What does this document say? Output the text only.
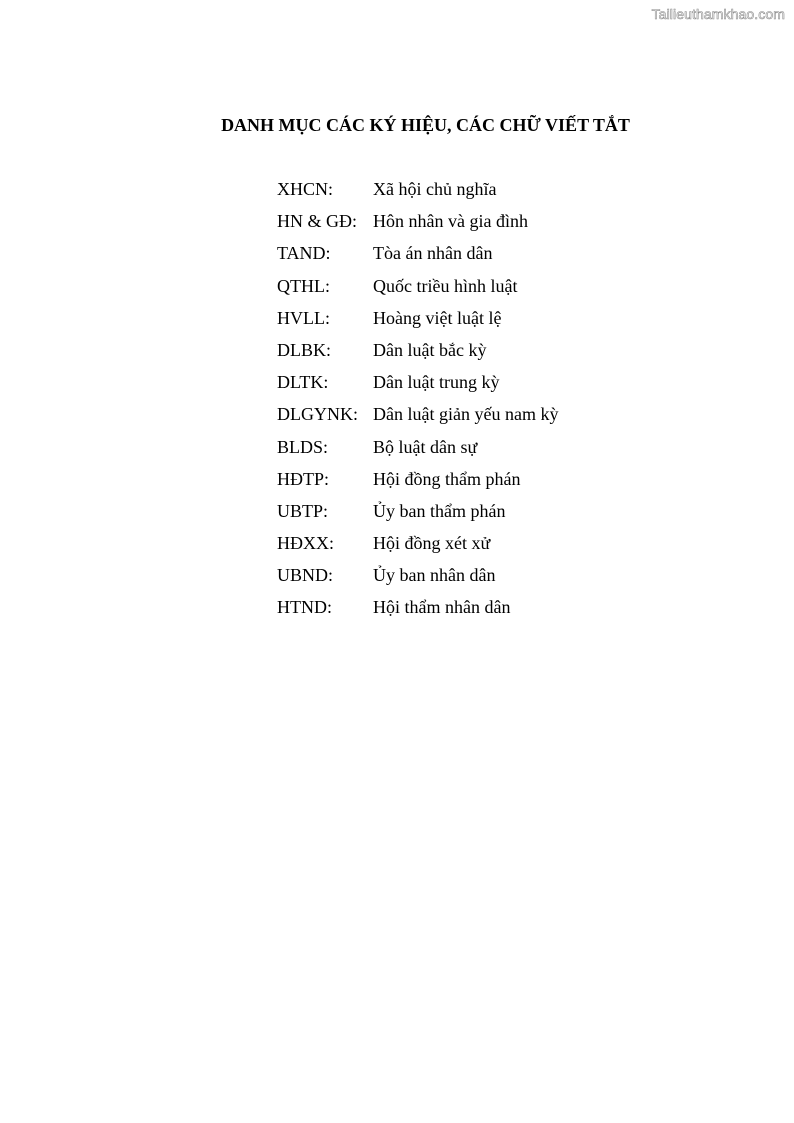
Tailieuthamkhao.com
DANH MỤC CÁC KÝ HIỆU, CÁC CHỮ VIẾT TẮT
XHCN:	Xã hội chủ nghĩa
HN & GĐ: Hôn nhân và gia đình
TAND:	Tòa án nhân dân
QTHL:	Quốc triều hình luật
HVLL:	Hoàng việt luật lệ
DLBK:	Dân luật bắc kỳ
DLTK:	Dân luật trung kỳ
DLGYNK: Dân luật giản yếu nam kỳ
BLDS:	Bộ luật dân sự
HĐTP:	Hội đồng thẩm phán
UBTP:	Ủy ban thẩm phán
HĐXX:	Hội đồng xét xử
UBND:	Ủy ban nhân dân
HTND:	Hội thẩm nhân dân
